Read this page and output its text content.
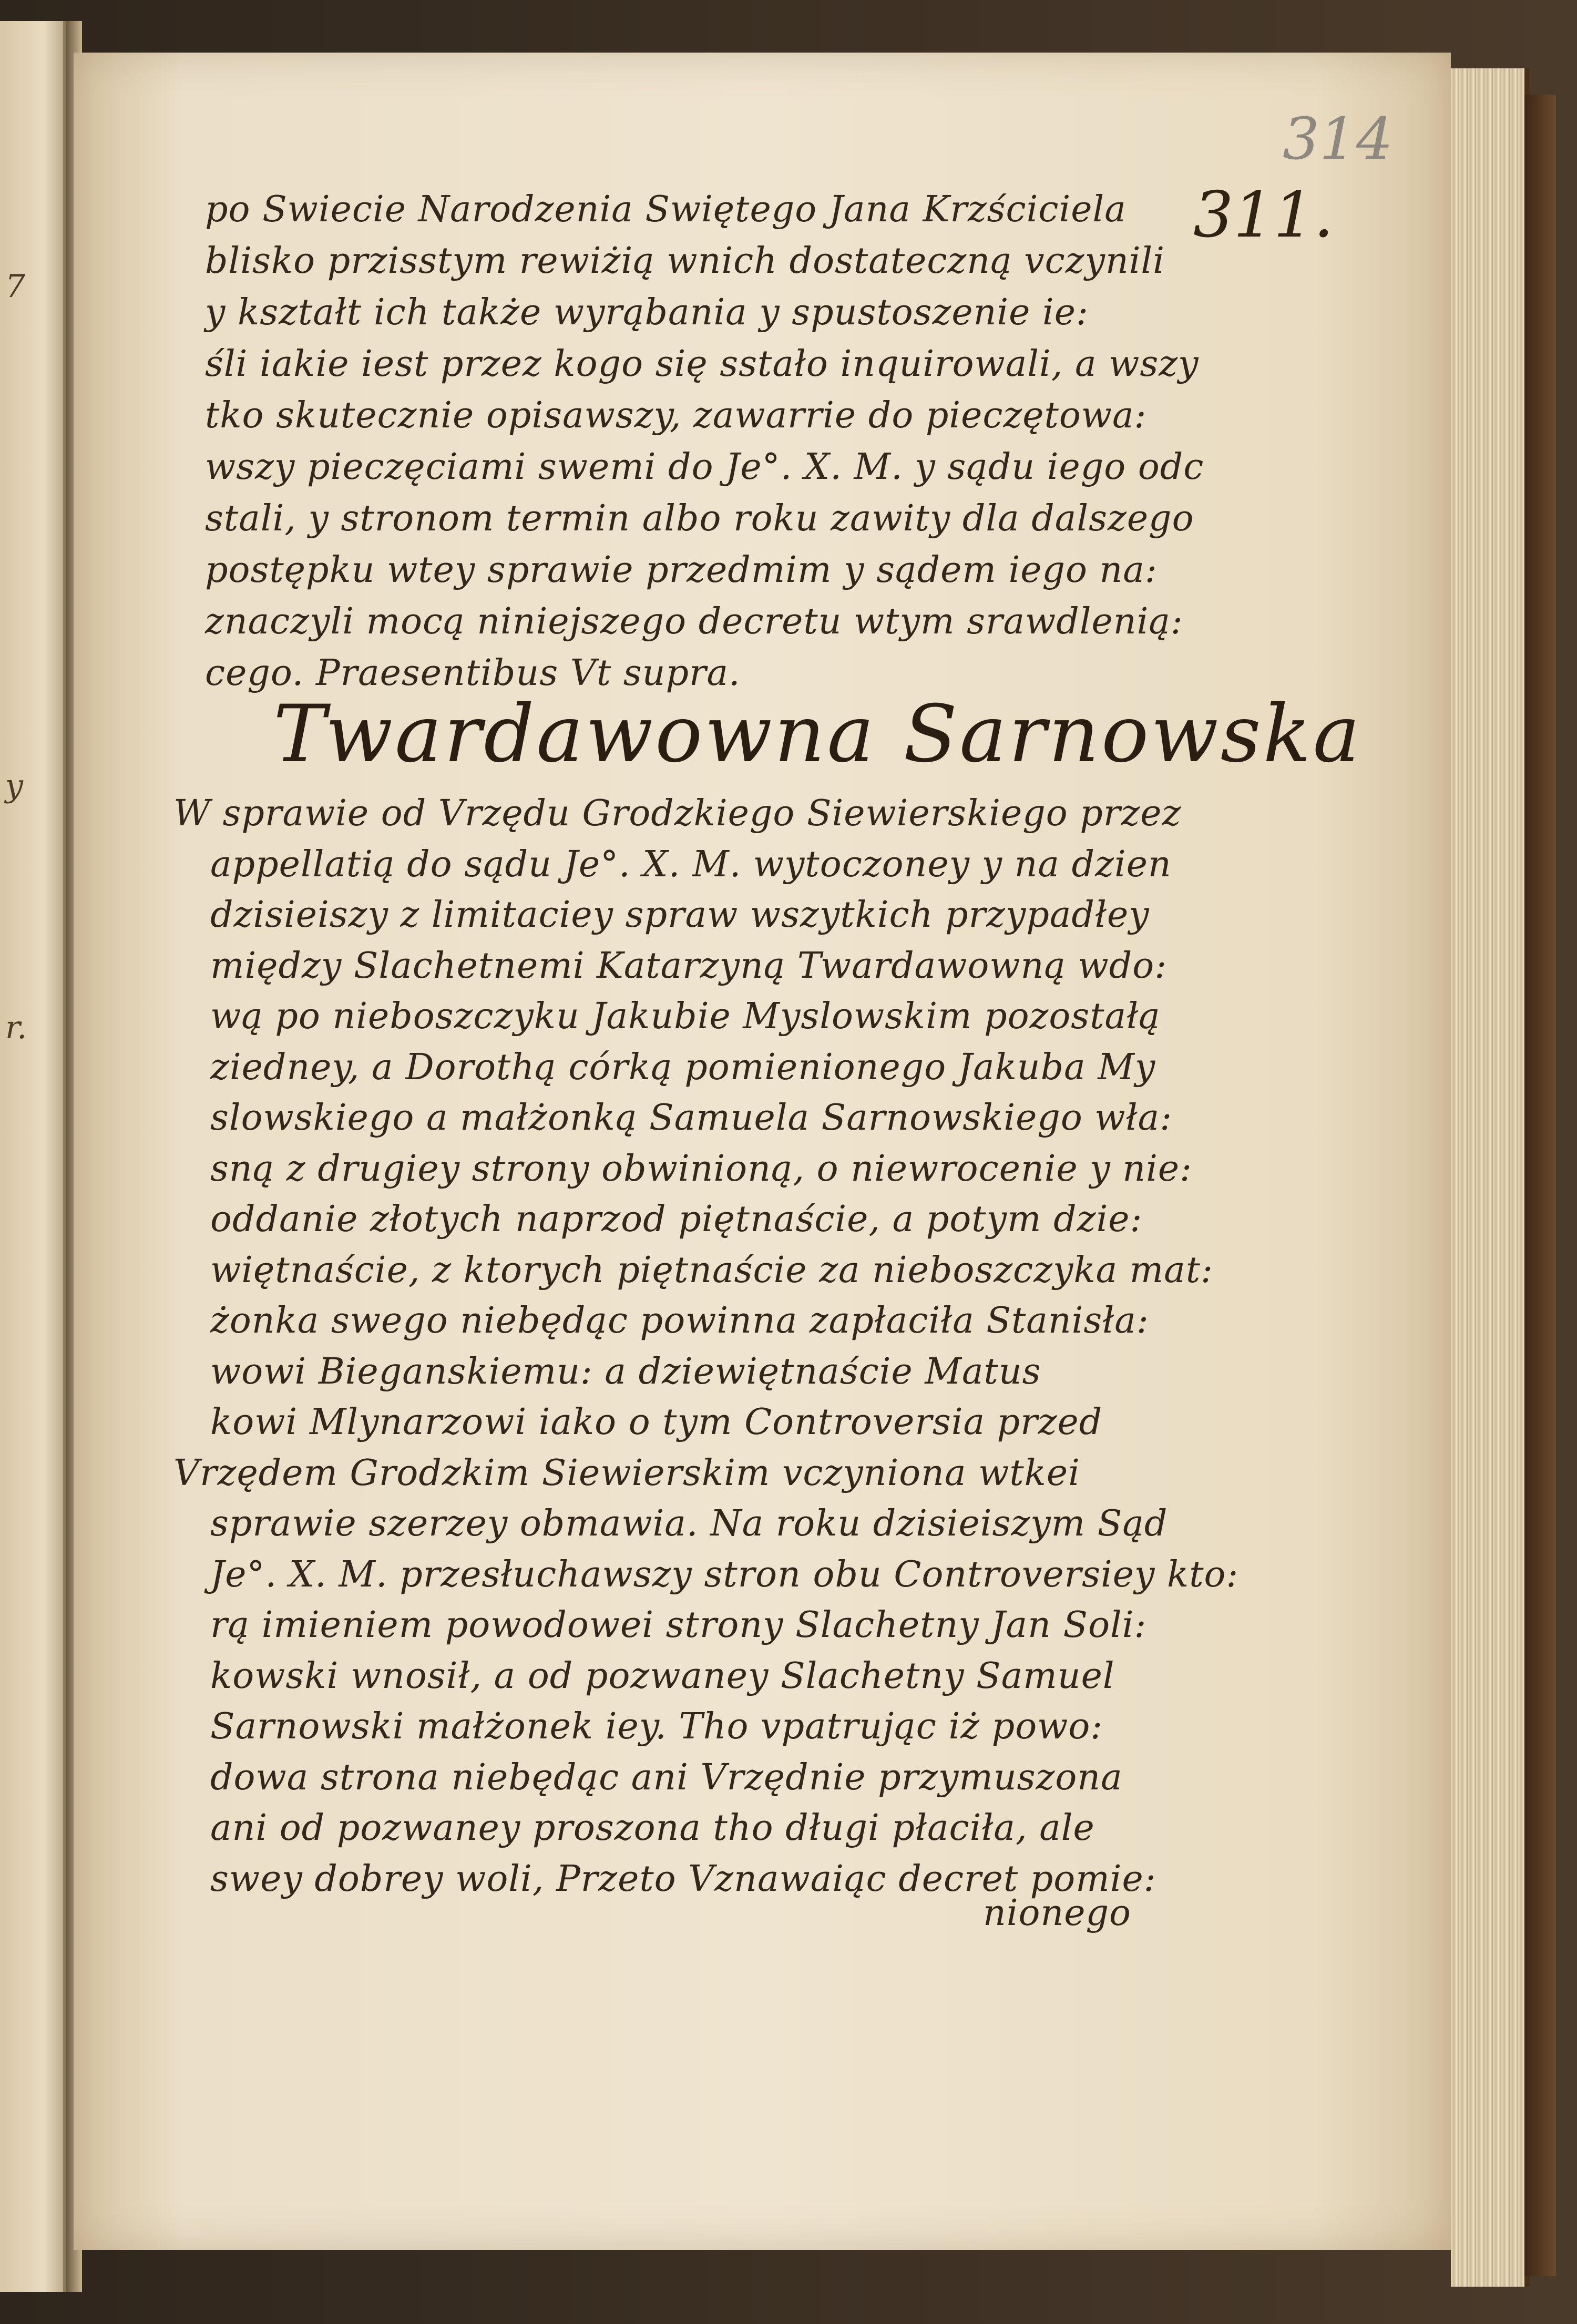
7
y
r.
314
311.
po Swiecie Narodzenia Swiętego Jana Krzściciela
blisko przisstym rewiżią wnich dostateczną vczynili
y kształt ich także wyrąbania y spustoszenie ie:
śli iakie iest przez kogo się sstało inquirowali, a wszy
tko skutecznie opisawszy, zawarrie do pieczętowa:
wszy pieczęciami swemi do Je°. X. M. y sądu iego odc
stali, y stronom termin albo roku zawity dla dalszego
postępku wtey sprawie przedmim y sądem iego na:
znaczyli mocą niniejszego decretu wtym srawdlenią:
cego. Praesentibus Vt supra.
Twardawowna Sarnowska
W sprawie od Vrzędu Grodzkiego Siewierskiego przez
appellatią do sądu Je°. X. M. wytoczoney y na dzien
dzisieiszy z limitaciey spraw wszytkich przypadłey
między Slachetnemi Katarzyną Twardawowną wdo:
wą po nieboszczyku Jakubie Myslowskim pozostałą
ziedney, a Dorothą córką pomienionego Jakuba My
slowskiego a małżonką Samuela Sarnowskiego wła:
sną z drugiey strony obwinioną, o niewrocenie y nie:
oddanie złotych naprzod piętnaście, a potym dzie:
więtnaście, z ktorych piętnaście za nieboszczyka mat:
żonka swego niebędąc powinna zapłaciła Stanisła:
wowi Bieganskiemu: a dziewiętnaście Matus
kowi Mlynarzowi iako o tym Controversia przed
Vrzędem Grodzkim Siewierskim vczyniona wtkei
sprawie szerzey obmawia. Na roku dzisieiszym Sąd
Je°. X. M. przesłuchawszy stron obu Controversiey kto:
rą imieniem powodowei strony Slachetny Jan Soli:
kowski wnosił, a od pozwaney Slachetny Samuel
Sarnowski małżonek iey. Tho vpatrując iż powo:
dowa strona niebędąc ani Vrzędnie przymuszona
ani od pozwaney proszona tho długi płaciła, ale
swey dobrey woli, Przeto Vznawaiąc decret pomie:
nionego
